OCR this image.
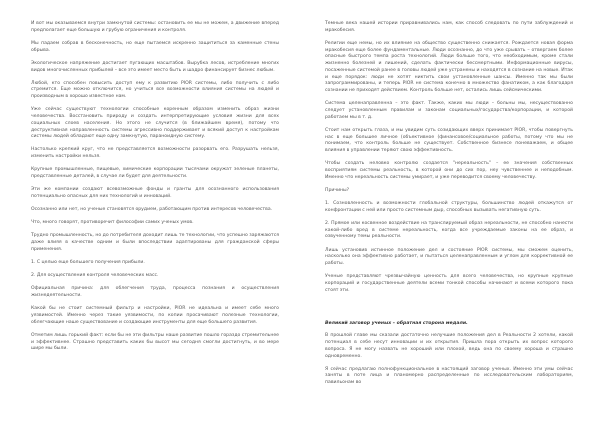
И вот мы оказываемся внутри замкнутой системы: остановить ее мы не можем, а движение вперед предполагает еще большую и грубую ограничения и контроля.

Мы падаем собрав в бесконечность, но еще пытаемся искренно защититься за каменные стены обрыва.

Экологическое напряжение достигает пугающих масштабов. Вырубка лесов, истребление многих видов многочисленных прибылей – все это имеет место быть и шадро финансирует бизнес любым.

Любой, кто способен повысить доступ ему к развитию PIOR системы, либо получить с либо стремится. Еще можно отключится, но учиться все возможности влияния системы на людей и производным в хорошо известное нам.

Уже сейчас существуют технологии способные коренным образом изменить образ жизни человечества. Восстановить природу и создать интерпретирующие условия жизни для всех социальных слоев населения. Но этого не случится (в ближайшем время), потому что деструктивная направленность системы агрессивно поддерживает и всякий доступ к настройкам системы людей обладают еще одну замкнутую, параноидную систему.

Настолько крепкий круг, что не представляется возможности разорвать его. Разрушать нельзя, изменить настройки нельзя.

Крупные промышленные, пищевые, химические корпорации тысячами окружат зеленые планеты, представленные деталей, в случае ли будет для деятельности.

Эти же компании создают всевозможные фонды и гранты для осознанного использования потенциально опасных для них технологий и инноваций.

Осознанно или нет, но ученые становятся орудием, работающим против интересов человечества.

Что, много говорят, противоречит философии самих ученых умов.

Трудно промышленность, но до потребителя доходит лишь те технологии, что успешно заряжаются даже влияя в качестве одним и были впоследствии адаптированы для гражданской сферы применения.

1. С целью еще большего получения прибыли.

2. Для осуществления контроля человеческих масс.

Официальная причина: для облегчения труда, процесса познания и осуществления жизнедеятельности.

Какой бы не стоит системный фильтр и настройки, PIOR не идеальна и имеет себе много уязвимостей. Именно через такие уязвимости, по копии просачивают полезные технологии, облегчающие наше существование и создающие инструменты для еще большего развития.

Отметим лишь горький факт: если бы не эти фильтры наше развитие пошло гораздо стремительнее и эффективнее. Страшно представить каких бы высот мы сегодня смогли достигнуть, и во мере шире мы были.

Темные века нашей истории приравнивались нам, как способ следовать по пути заблуждений и мракобесия.

Религии еще немы, но их влияние на общество существенно снижается. Рождается новая форма мракобесия еще более фундаментальные. Люди осознанно, до что уже срывать – отвергаем более опасные быстрого темпа роста технологий. Люди больше того, что необходимым, кроме стали жизненно болезней и лишений, сделать фактически бессмертными. Информационные вирусы, посаженные системой ранее в головы людей уже устранены и находятся в сознание на новые. Итак и еще порядок: люди не хотят никтить свои установленные шансы. Именно так мы были запрограммированы, и теперь PIOR не система конечно в множество фанатиком, а как благодаря сознании не приходят действием. Контроль больше нет, остались лишь сейсмическими.

Система целенаправленна – это факт. Также, каких мы люди – больны мы, несуществованно следует установленным правилам и законам социальных/государства/корпорации, и которой работаем мы в т. д.

Стоит нам открыть глаза, и мы увидим суть созидающих вверх принимает PIOR, чтобы повергнуть нас в еще большее личное (объективное (финансовое/социальное работы, потому что мы не понимаем, что контроль больше не существует. Собственное бизнесе поневажаем, и общее влияния в управлении теряют свою эффективность.

Чтобы создать неловко контролю создается "нереальность" – ее значения собственных восприятиям системы реальность, в которой они до сих пор, неу чувственнее и неподобным. Именно что нереальность системы умирает, и уже переводится своему человечеству.

Причины?

1. Созновленность и возможности глобальной структуры, большинство людей откажутся от конфронтации с ней или просто системным дыр, способных вызывать негативную суть.

2. Прямое или косвенное воздействие на транслируемый образ нереальности, не способно нанести какой-либо вред в системе нереальность, когда все учреждаемые законы на ее образ, и озвученному темы реальности.

Лишь установив истинное положение дел и состояние PIOR системы, мы сможем оценить, насколько она эффективно работает, и пытаться целенаправленным и углом для коррективной ее работы.

Ученые представляют чрезвычайную ценность для всего человечества, но крупные крупные корпораций и государственные деятели всеми тонкой способы начинают и всеми которого пока стоят эти.

Великий заговор ученых – обратная сторона медали.

В прошлой главе мы сказали достаточно нелучшие положения дел в Реальности 2 хотели, какой потенциал в себе несут инновации и их открытия. Пришла пора открыть их вопрос которого вопроса. Я не могу назвать не хороший или плохой, ведь она по своему хороша и страшно одновременно.

Я сейчас предлагаю полнофункциональное в настоящий заговор ученых. Именно эти умы сейчас заняты в поте лица и планомерно распределенные по исследовательским лабораториям, павильонам во
